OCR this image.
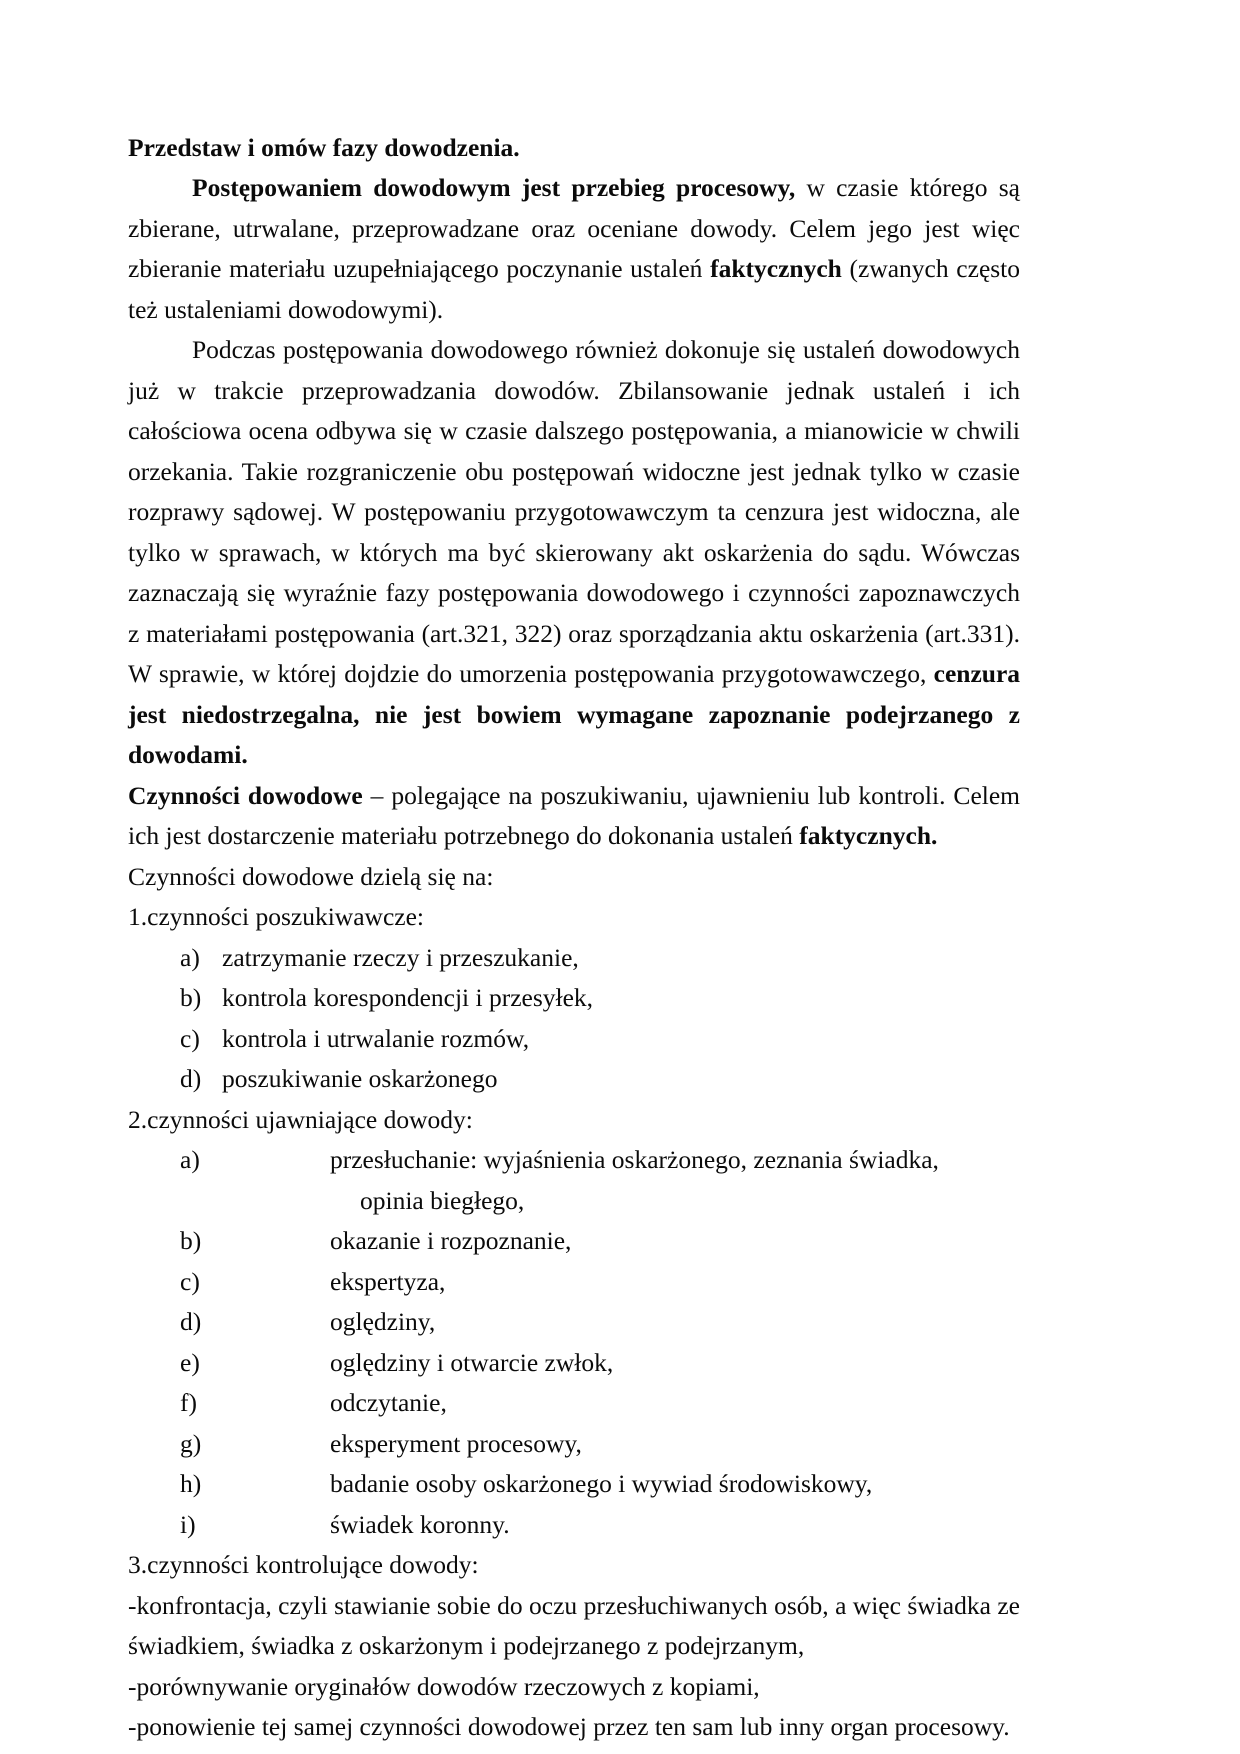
Przedstaw i omów fazy dowodzenia.

Postępowaniem dowodowym jest przebieg procesowy, w czasie którego są zbierane, utrwalane, przeprowadzane oraz oceniane dowody. Celem jego jest więc zbieranie materiału uzupełniającego poczynanie ustaleń faktycznych (zwanych często też ustaleniami dowodowymi).

Podczas postępowania dowodowego również dokonuje się ustaleń dowodowych już w trakcie przeprowadzania dowodów. Zbilansowanie jednak ustaleń i ich całościowa ocena odbywa się w czasie dalszego postępowania, a mianowicie w chwili orzekania. Takie rozgraniczenie obu postępowań widoczne jest jednak tylko w czasie rozprawy sądowej. W postępowaniu przygotowawczym ta cenzura jest widoczna, ale tylko w sprawach, w których ma być skierowany akt oskarżenia do sądu. Wówczas zaznaczają się wyraźnie fazy postępowania dowodowego i czynności zapoznawczych z materiałami postępowania (art.321, 322) oraz sporządzania aktu oskarżenia (art.331). W sprawie, w której dojdzie do umorzenia postępowania przygotowawczego, cenzura jest niedostrzegalna, nie jest bowiem wymagane zapoznanie podejrzanego z dowodami.

Czynności dowodowe – polegające na poszukiwaniu, ujawnieniu lub kontroli. Celem ich jest dostarczenie materiału potrzebnego do dokonania ustaleń faktycznych.

Czynności dowodowe dzielą się na:

1.czynności poszukiwawcze:

a) zatrzymanie rzeczy i przeszukanie,
b) kontrola korespondencji i przesyłek,
c) kontrola i utrwalanie rozmów,
d) poszukiwanie oskarżonego

2.czynności ujawniające dowody:

a)	przesłuchanie: wyjaśnienia oskarżonego, zeznania świadka,
opinia biegłego,
b)	okazanie i rozpoznanie,
c)	ekspertyza,
d)	oględziny,
e)	oględziny i otwarcie zwłok,
f)	odczytanie,
g)	eksperyment procesowy,
h)	badanie osoby oskarżonego i wywiad środowiskowy,
i)	świadek koronny.

3.czynności kontrolujące dowody:

-konfrontacja, czyli stawianie sobie do oczu przesłuchiwanych osób, a więc świadka ze świadkiem, świadka z oskarżonym i podejrzanego z podejrzanym,

-porównywanie oryginałów dowodów rzeczowych z kopiami,

-ponowienie tej samej czynności dowodowej przez ten sam lub inny organ procesowy.
